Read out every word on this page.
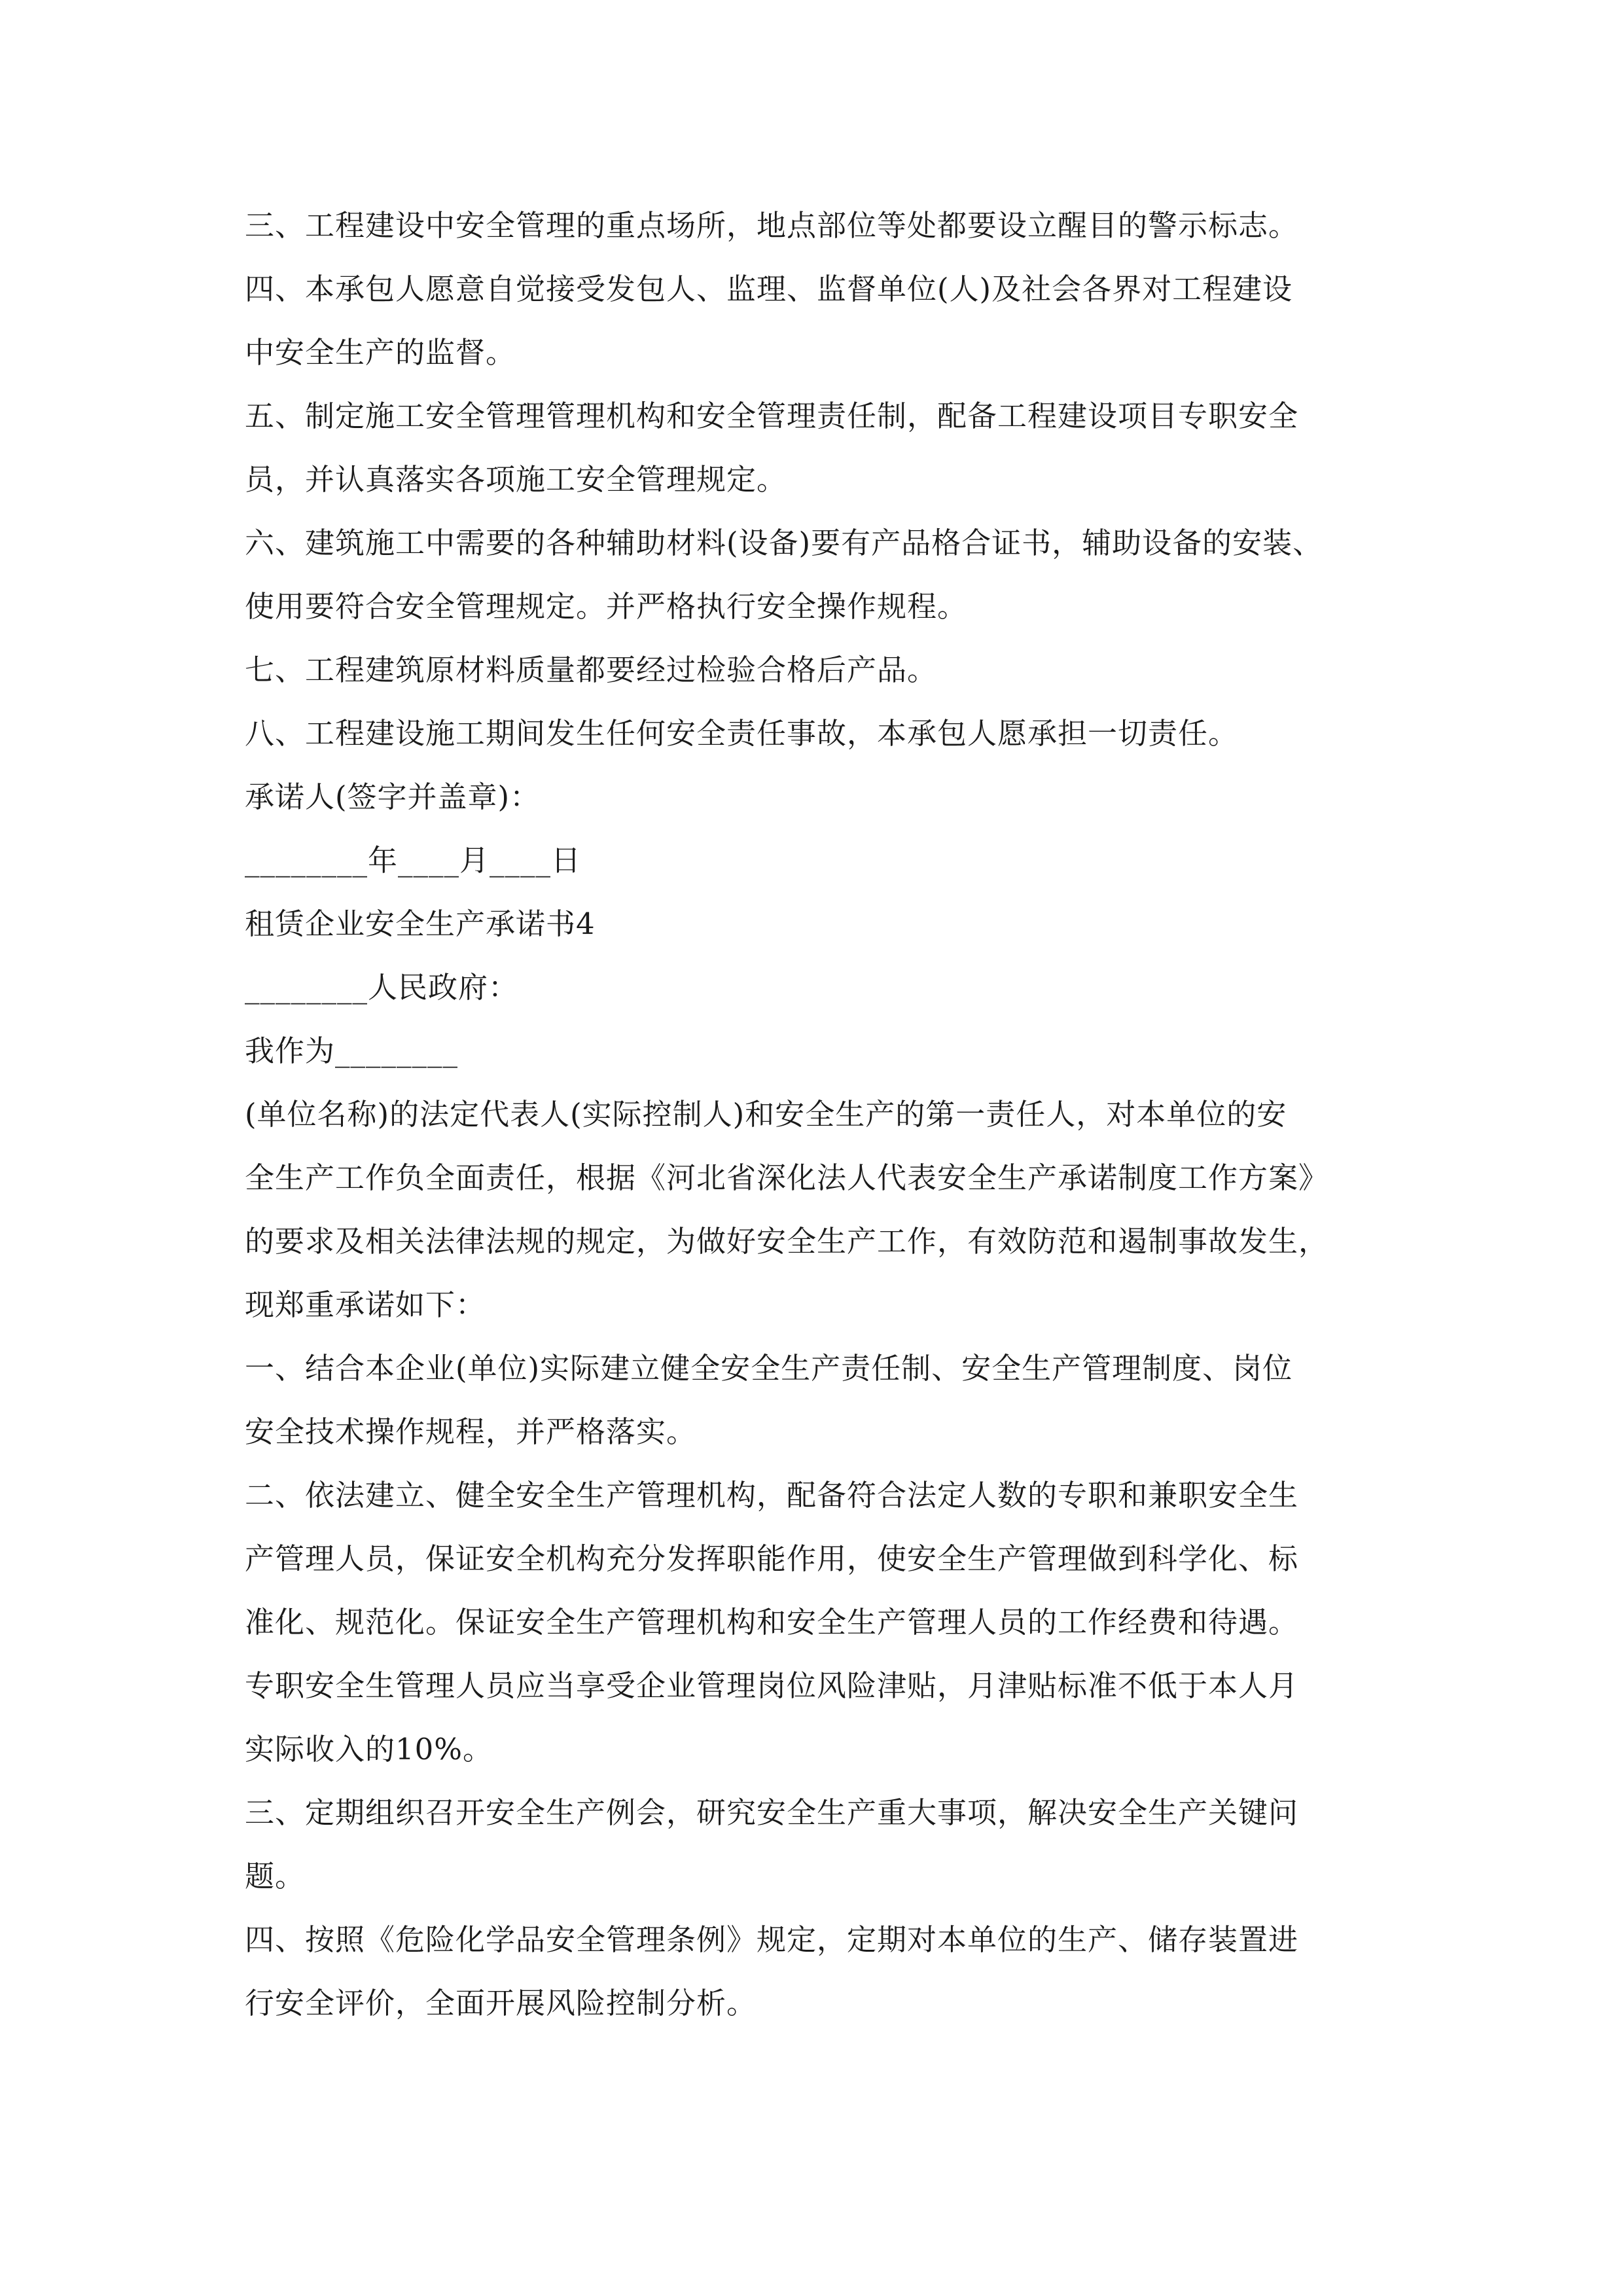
三、工程建设中安全管理的重点场所，地点部位等处都要设立醒目的警示标志。
四、本承包人愿意自觉接受发包人、监理、监督单位(人)及社会各界对工程建设
中安全生产的监督。
五、制定施工安全管理管理机构和安全管理责任制，配备工程建设项目专职安全
员，并认真落实各项施工安全管理规定。
六、建筑施工中需要的各种辅助材料(设备)要有产品格合证书，辅助设备的安装、
使用要符合安全管理规定。并严格执行安全操作规程。
七、工程建筑原材料质量都要经过检验合格后产品。
八、工程建设施工期间发生任何安全责任事故，本承包人愿承担一切责任。
承诺人(签字并盖章)：
________年____月____日
租赁企业安全生产承诺书4
________人民政府：
我作为________
(单位名称)的法定代表人(实际控制人)和安全生产的第一责任人，对本单位的安
全生产工作负全面责任，根据《河北省深化法人代表安全生产承诺制度工作方案》
的要求及相关法律法规的规定，为做好安全生产工作，有效防范和遏制事故发生，
现郑重承诺如下：
一、结合本企业(单位)实际建立健全安全生产责任制、安全生产管理制度、岗位
安全技术操作规程，并严格落实。
二、依法建立、健全安全生产管理机构，配备符合法定人数的专职和兼职安全生
产管理人员，保证安全机构充分发挥职能作用，使安全生产管理做到科学化、标
准化、规范化。保证安全生产管理机构和安全生产管理人员的工作经费和待遇。
专职安全生管理人员应当享受企业管理岗位风险津贴，月津贴标准不低于本人月
实际收入的10%。
三、定期组织召开安全生产例会，研究安全生产重大事项，解决安全生产关键问
题。
四、按照《危险化学品安全管理条例》规定，定期对本单位的生产、储存装置进
行安全评价，全面开展风险控制分析。
